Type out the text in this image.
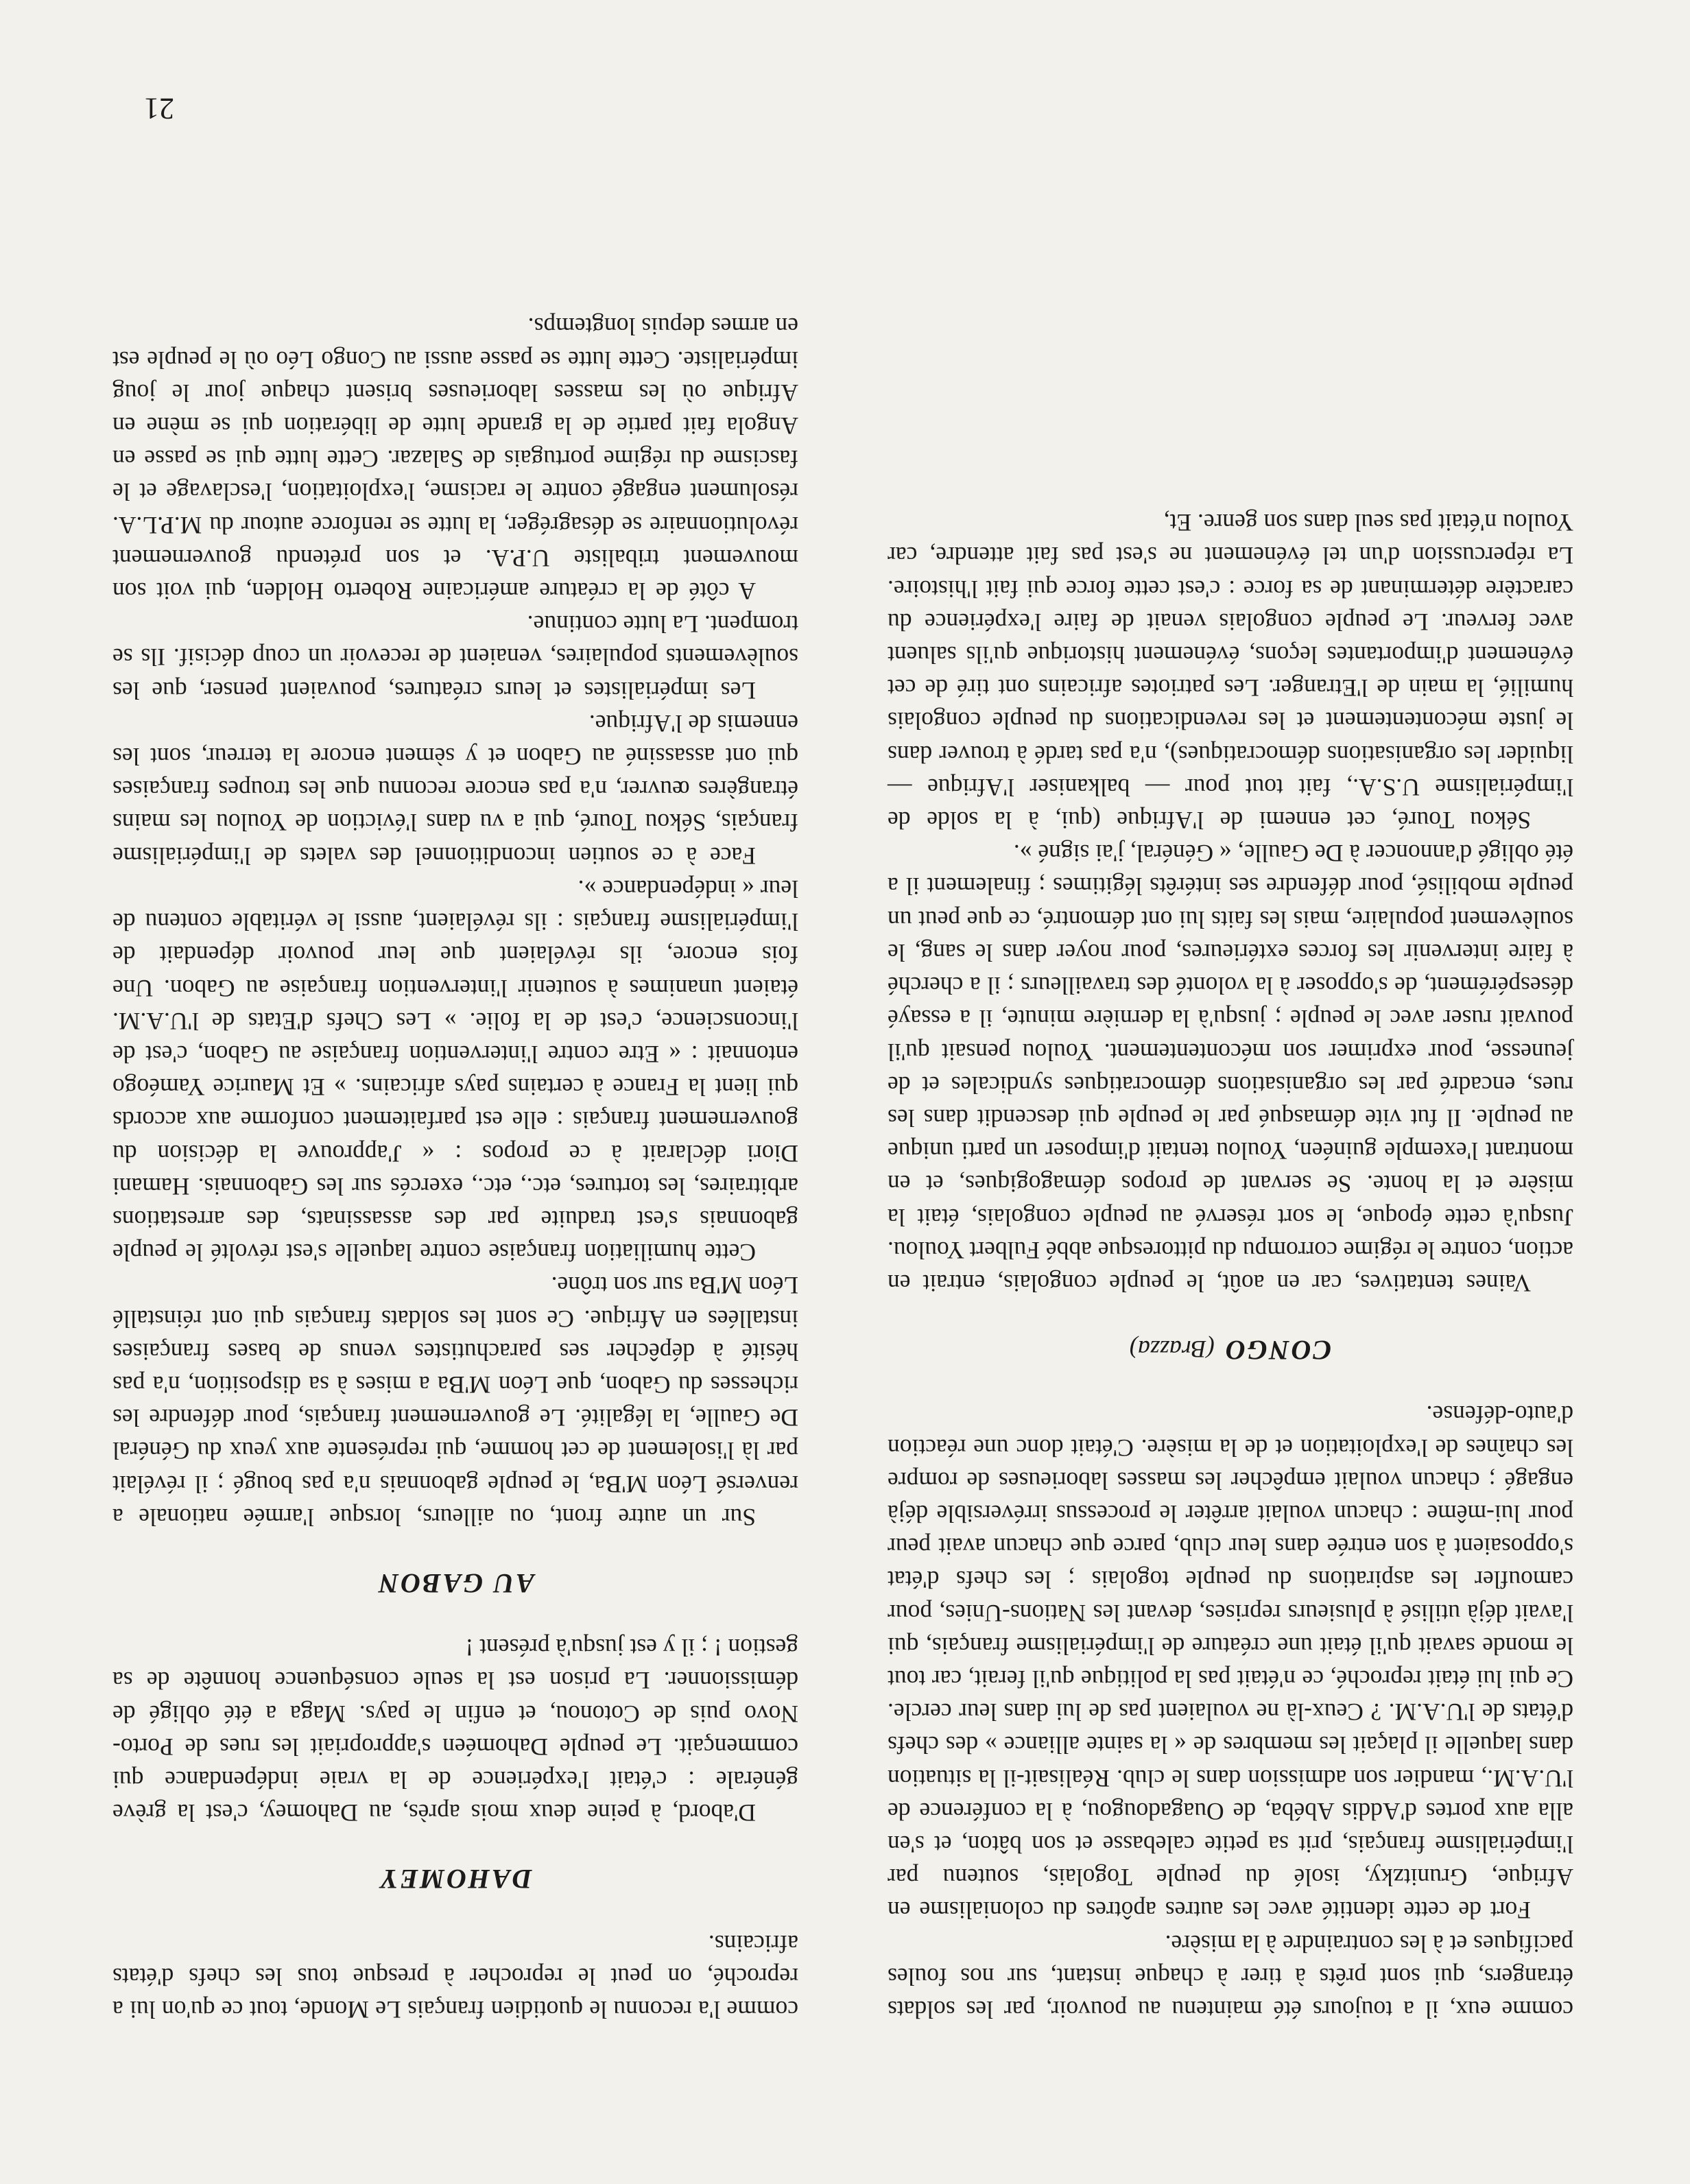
comme eux, il a toujours été maintenu au pouvoir, par les soldats étrangers, qui sont prêts à tirer à chaque instant, sur nos foules pacifiques et à les contraindre à la misère.

Fort de cette identité avec les autres apôtres du colonialisme en Afrique, Grunitzky, isolé du peuple Togolais, soutenu par l'impérialisme français, prit sa petite calebasse et son bâton, et s'en alla aux portes d'Addis Abéba, de Ouagadougou, à la conférence de l'U.A.M., mandier son admission dans le club. Réalisait-il la situation dans laquelle il plaçait les membres de « la sainte alliance » des chefs d'états de l'U.A.M. ? Ceux-là ne voulaient pas de lui dans leur cercle. Ce qui lui était reproché, ce n'était pas la politique qu'il ferait, car tout le monde savait qu'il était une créature de l'impérialisme français, qui l'avait déjà utilisé à plusieurs reprises, devant les Nations-Unies, pour camoufler les aspirations du peuple togolais ; les chefs d'état s'opposaient à son entrée dans leur club, parce que chacun avait peur pour lui-même : chacun voulait arrêter le processus irréversible déjà engagé ; chacun voulait empêcher les masses laborieuses de rompre les chaînes de l'exploitation et de la misère. C'était donc une réaction d'auto-défense.

CONGO (Brazza)

Vaines tentatives, car en août, le peuple congolais, entrait en action, contre le régime corrompu du pittoresque abbé Fulbert Youlou. Jusqu'à cette époque, le sort réservé au peuple congolais, était la misère et la honte. Se servant de propos démagogiques, et en montrant l'exemple guinéen, Youlou tentait d'imposer un parti unique au peuple. Il fut vite démasqué par le peuple qui descendit dans les rues, encadré par les organisations démocratiques syndicales et de jeunesse, pour exprimer son mécontentement. Youlou pensait qu'il pouvait ruser avec le peuple ; jusqu'à la dernière minute, il a essayé désespérément, de s'opposer à la volonté des travailleurs ; il a cherché à faire intervenir les forces extérieures, pour noyer dans le sang, le soulèvement populaire, mais les faits lui ont démontré, ce que peut un peuple mobilisé, pour défendre ses intérêts légitimes ; finalement il a été obligé d'annoncer à De Gaulle, « Général, j'ai signé ».

Sékou Touré, cet ennemi de l'Afrique (qui, à la solde de l'impérialisme U.S.A., fait tout pour — balkaniser l'Afrique — liquider les organisations démocratiques), n'a pas tardé à trouver dans le juste mécontentement et les revendications du peuple congolais humilié, la main de l'Etranger. Les patriotes africains ont tiré de cet événement d'importantes leçons, événement historique qu'ils saluent avec ferveur. Le peuple congolais venait de faire l'expérience du caractère déterminant de sa force : c'est cette force qui fait l'histoire. La répercussion d'un tel événement ne s'est pas fait attendre, car Youlou n'était pas seul dans son genre. Et,

comme l'a reconnu le quotidien français Le Monde, tout ce qu'on lui a reproché, on peut le reprocher à presque tous les chefs d'états africains.

DAHOMEY

D'abord, à peine deux mois après, au Dahomey, c'est la grève générale : c'était l'expérience de la vraie indépendance qui commençait. Le peuple Dahoméen s'appropriait les rues de Porto-Novo puis de Cotonou, et enfin le pays. Maga a été obligé de démissionner. La prison est la seule conséquence honnête de sa gestion ! ; il y est jusqu'à présent !

AU GABON

Sur un autre front, ou ailleurs, lorsque l'armée nationale a renversé Léon M'Ba, le peuple gabonnais n'a pas bougé ; il révélait par là l'isolement de cet homme, qui représente aux yeux du Général De Gaulle, la légalité. Le gouvernement français, pour défendre les richesses du Gabon, que Léon M'Ba a mises à sa disposition, n'a pas hésité à dépêcher ses parachutistes venus de bases françaises installées en Afrique. Ce sont les soldats français qui ont réinstallé Léon M'Ba sur son trône.

Cette humiliation française contre laquelle s'est révolté le peuple gabonnais s'est traduite par des assassinats, des arrestations arbitraires, les tortures, etc., etc., exercés sur les Gabonnais. Hamani Diori déclarait à ce propos : « J'approuve la décision du gouvernement français : elle est parfaitement conforme aux accords qui lient la France à certains pays africains. » Et Maurice Yaméogo entonnait : « Etre contre l'intervention française au Gabon, c'est de l'inconscience, c'est de la folie. » Les Chefs d'Etats de l'U.A.M. étaient unanimes à soutenir l'intervention française au Gabon. Une fois encore, ils révélaient que leur pouvoir dépendait de l'impérialisme français : ils révélaient, aussi le véritable contenu de leur « indépendance ».

Face à ce soutien inconditionnel des valets de l'impérialisme français, Sékou Touré, qui a vu dans l'éviction de Youlou les mains étrangères œuvrer, n'a pas encore reconnu que les troupes françaises qui ont assassiné au Gabon et y sèment encore la terreur, sont les ennemis de l'Afrique.

Les impérialistes et leurs créatures, pouvaient penser, que les soulèvements populaires, venaient de recevoir un coup décisif. Ils se trompent. La lutte continue.

A côté de la créature américaine Roberto Holden, qui voit son mouvement tribaliste U.P.A. et son prétendu gouvernement révolutionnaire se désagréger, la lutte se renforce autour du M.P.L.A. résolument engagé contre le racisme, l'exploitation, l'esclavage et le fascisme du régime portugais de Salazar. Cette lutte qui se passe en Angola fait partie de la grande lutte de libération qui se mène en Afrique où les masses laborieuses brisent chaque jour le joug impérialiste. Cette lutte se passe aussi au Congo Léo où le peuple est en armes depuis longtemps.

21
